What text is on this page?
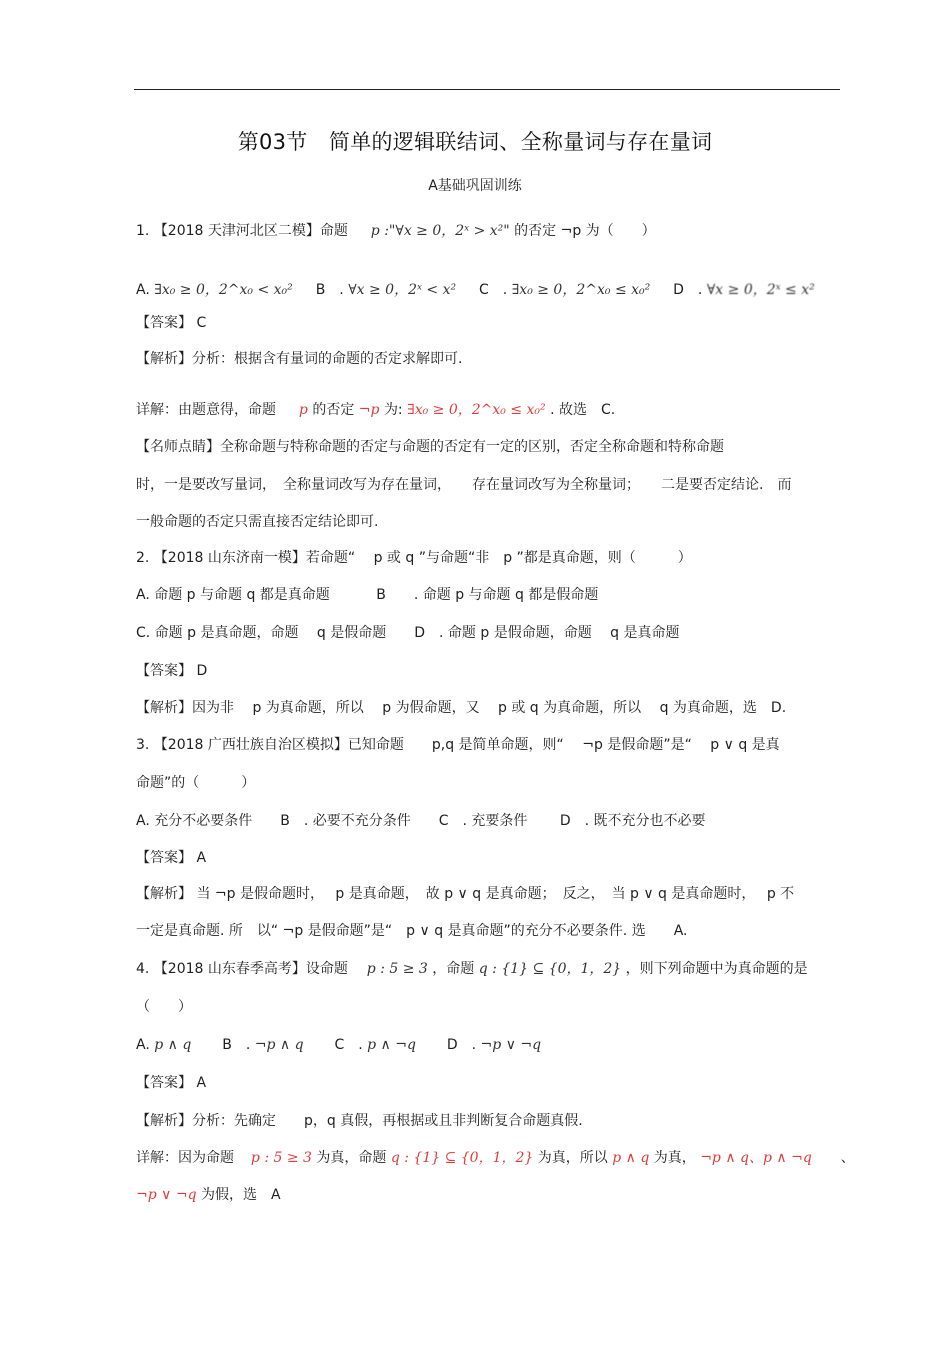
第03节　简单的逻辑联结词、全称量词与存在量词
A基础巩固训练
1. 【2018 天津河北区二模】命题 p :"∀x ≥ 0，2ˣ > x²" 的否定 ¬p 为（　　）
A. ∃x₀ ≥ 0，2^x₀ < x₀² B　. ∀x ≥ 0，2ˣ < x² C　. ∃x₀ ≥ 0，2^x₀ ≤ x₀² D　. ∀x ≥ 0，2ˣ ≤ x²
【答案】 C
【解析】分析：根据含有量词的命题的否定求解即可.
详解：由题意得，命题 p 的否定 ¬p 为: ∃x₀ ≥ 0，2^x₀ ≤ x₀² . 故选　C.
【名师点睛】全称命题与特称命题的否定与命题的否定有一定的区别，否定全称命题和特称命题
时，一是要改写量词，　全称量词改写为存在量词，　　存在量词改写为全称量词；　　二是要否定结论.　而
一般命题的否定只需直接否定结论即可.
2. 【2018 山东济南一模】若命题“　 p 或 q ”与命题“非　p ”都是真命题，则（　　　）
A. 命题 p 与命题 q 都是真命题　　　 B　　. 命题 p 与命题 q 都是假命题
C. 命题 p 是真命题，命题　 q 是假命题　　D　. 命题 p 是假命题，命题　 q 是真命题
【答案】 D
【解析】因为非　 p 为真命题，所以　 p 为假命题，又　 p 或 q 为真命题，所以　 q 为真命题，选　D.
3. 【2018 广西壮族自治区模拟】已知命题　　p,q 是简单命题，则“　 ¬p 是假命题”是“　 p ∨ q 是真
命题”的（　　　）
A. 充分不必要条件　　B　. 必要不充分条件　　C　. 充要条件　　 D　. 既不充分也不必要
【答案】 A
【解析】 当 ¬p 是假命题时，　 p 是真命题，　故 p ∨ q 是真命题；　反之，　当 p ∨ q 是真命题时，　 p 不
一定是真命题. 所　以“ ¬p 是假命题”是“　p ∨ q 是真命题”的充分不必要条件. 选　　A.
4. 【2018 山东春季高考】设命题 p : 5 ≥ 3 ，命题 q : {1} ⊆ {0，1，2} ，则下列命题中为真命题的是
（　　）
A. p ∧ q B　. ¬p ∧ q C　. p ∧ ¬q D　. ¬p ∨ ¬q
【答案】 A
【解析】分析：先确定　　p，q 真假，再根据或且非判断复合命题真假.
详解：因为命题 p : 5 ≥ 3 为真，命题 q : {1} ⊆ {0，1，2} 为真，所以 p ∧ q 为真， ¬p ∧ q、p ∧ ¬q 、
¬p ∨ ¬q 为假，选　A
